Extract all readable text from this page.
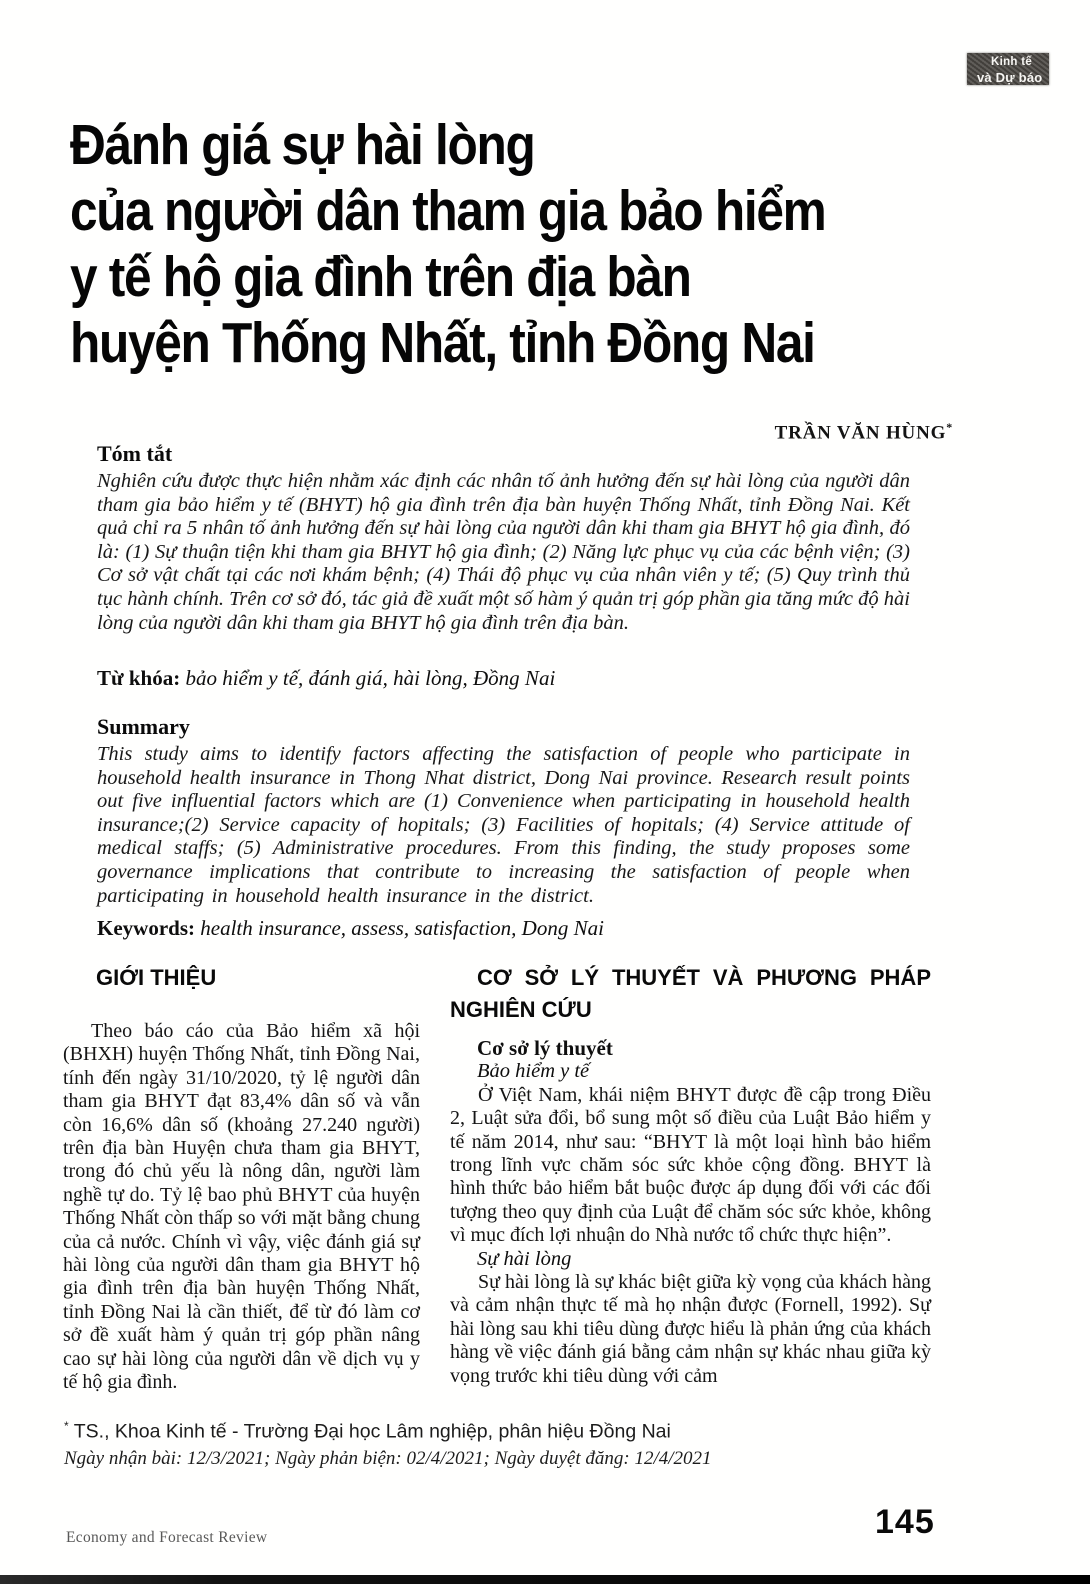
Kinh tế
và Dự báo
Đánh giá sự hài lòng
của người dân tham gia bảo hiểm
y tế hộ gia đình trên địa bàn
huyện Thống Nhất, tỉnh Đồng Nai
TRẦN VĂN HÙNG*
Tóm tắt
Nghiên cứu được thực hiện nhằm xác định các nhân tố ảnh hưởng đến sự hài lòng của người dân tham gia bảo hiểm y tế (BHYT) hộ gia đình trên địa bàn huyện Thống Nhất, tỉnh Đồng Nai. Kết quả chỉ ra 5 nhân tố ảnh hưởng đến sự hài lòng của người dân khi tham gia BHYT hộ gia đình, đó là: (1) Sự thuận tiện khi tham gia BHYT hộ gia đình; (2) Năng lực phục vụ của các bệnh viện; (3) Cơ sở vật chất tại các nơi khám bệnh; (4) Thái độ phục vụ của nhân viên y tế; (5) Quy trình thủ tục hành chính. Trên cơ sở đó, tác giả đề xuất một số hàm ý quản trị góp phần gia tăng mức độ hài lòng của người dân khi tham gia BHYT hộ gia đình trên địa bàn.
Từ khóa: bảo hiểm y tế, đánh giá, hài lòng, Đồng Nai
Summary
This study aims to identify factors affecting the satisfaction of people who participate in household health insurance in Thong Nhat district, Dong Nai province. Research result points out five influential factors which are (1) Convenience when participating in household health insurance;(2) Service capacity of hopitals; (3) Facilities of hopitals; (4) Service attitude of medical staffs; (5) Administrative procedures. From this finding, the study proposes some governance implications that contribute to increasing the satisfaction of people when participating in household health insurance in the district.
Keywords: health insurance, assess, satisfaction, Dong Nai
GIỚI THIỆU

Theo báo cáo của Bảo hiểm xã hội (BHXH) huyện Thống Nhất, tỉnh Đồng Nai, tính đến ngày 31/10/2020, tỷ lệ người dân tham gia BHYT đạt 83,4% dân số và vẫn còn 16,6% dân số (khoảng 27.240 người) trên địa bàn Huyện chưa tham gia BHYT, trong đó chủ yếu là nông dân, người làm nghề tự do. Tỷ lệ bao phủ BHYT của huyện Thống Nhất còn thấp so với mặt bằng chung của cả nước. Chính vì vậy, việc đánh giá sự hài lòng của người dân tham gia BHYT hộ gia đình trên địa bàn huyện Thống Nhất, tỉnh Đồng Nai là cần thiết, để từ đó làm cơ sở đề xuất hàm ý quản trị góp phần nâng cao sự hài lòng của người dân về dịch vụ y tế hộ gia đình.

CƠ SỞ LÝ THUYẾT VÀ PHƯƠNG PHÁP NGHIÊN CỨU

Cơ sở lý thuyết

Bảo hiểm y tế

Ở Việt Nam, khái niệm BHYT được đề cập trong Điều 2, Luật sửa đổi, bổ sung một số điều của Luật Bảo hiểm y tế năm 2014, như sau: “BHYT là một loại hình bảo hiểm trong lĩnh vực chăm sóc sức khỏe cộng đồng. BHYT là hình thức bảo hiểm bắt buộc được áp dụng đối với các đối tượng theo quy định của Luật để chăm sóc sức khỏe, không vì mục đích lợi nhuận do Nhà nước tổ chức thực hiện”.

Sự hài lòng

Sự hài lòng là sự khác biệt giữa kỳ vọng của khách hàng và cảm nhận thực tế mà họ nhận được (Fornell, 1992). Sự hài lòng sau khi tiêu dùng được hiểu là phản ứng của khách hàng về việc đánh giá bằng cảm nhận sự khác nhau giữa kỳ vọng trước khi tiêu dùng với cảm

* TS., Khoa Kinh tế - Trường Đại học Lâm nghiệp, phân hiệu Đồng Nai
Ngày nhận bài: 12/3/2021; Ngày phản biện: 02/4/2021; Ngày duyệt đăng: 12/4/2021
Economy and Forecast Review	145
